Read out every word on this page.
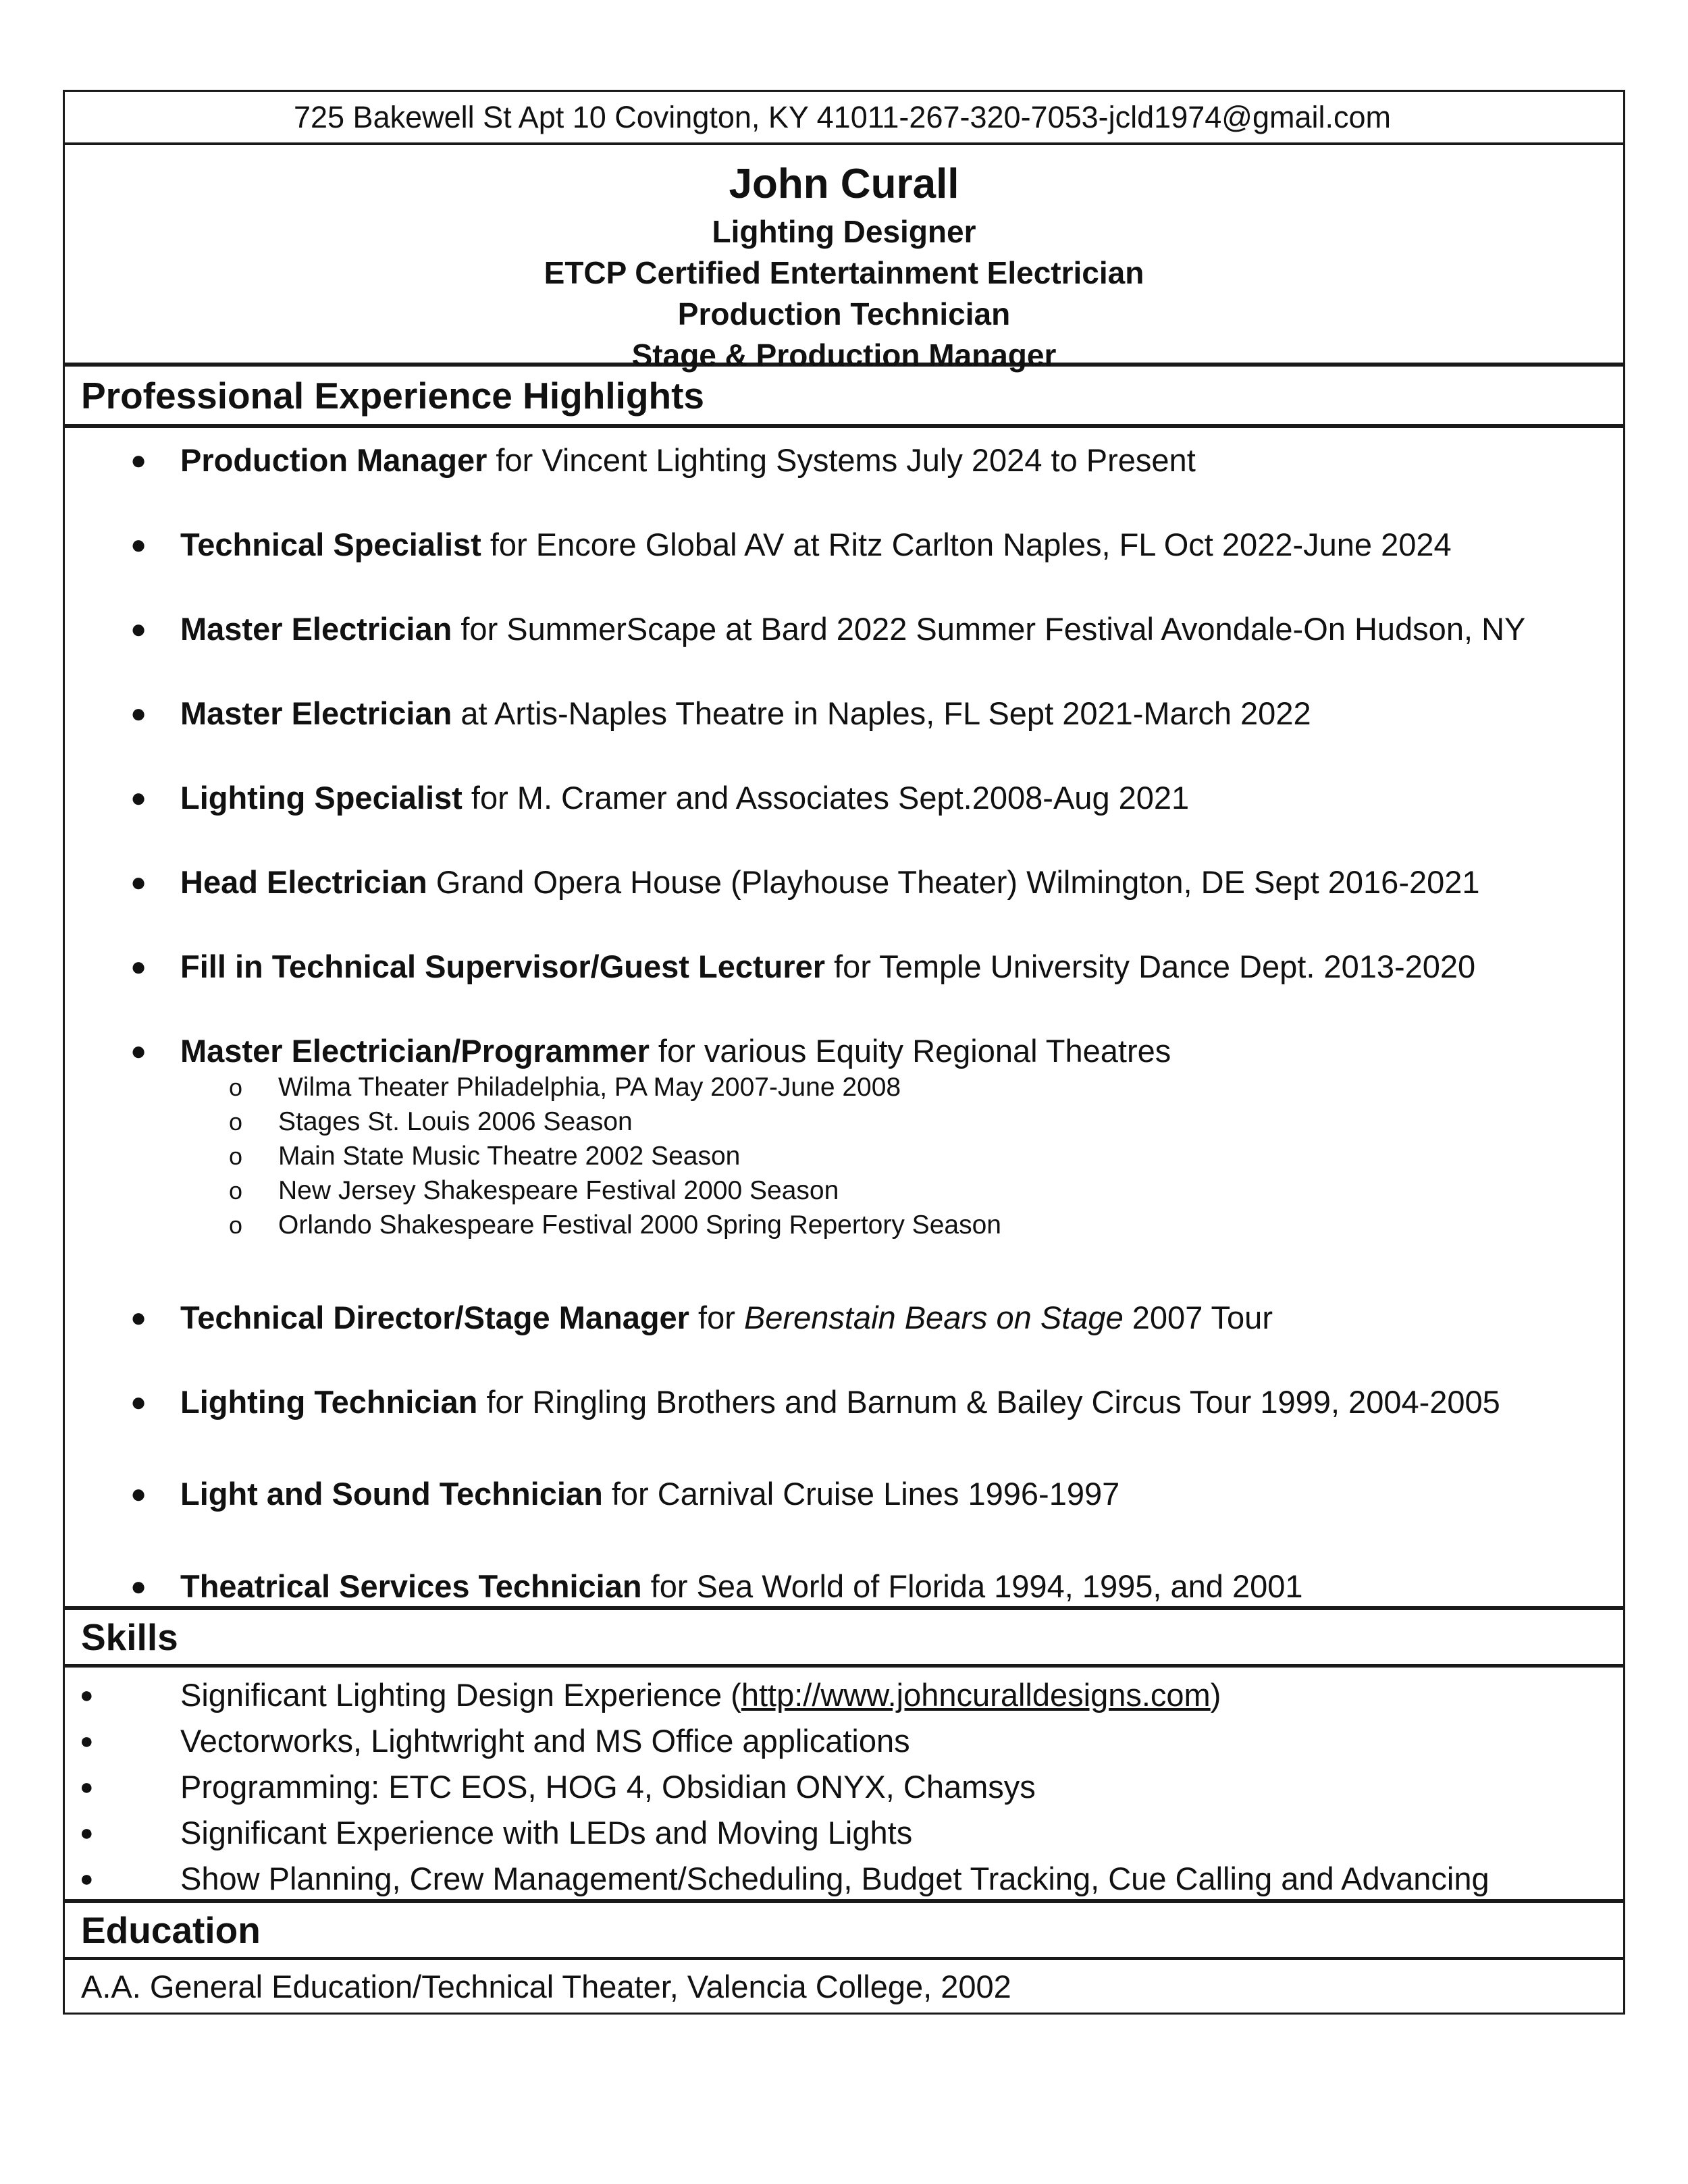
725 Bakewell St Apt 10 Covington, KY 41011-267-320-7053-jcld1974@gmail.com
John Curall
Lighting Designer
ETCP Certified Entertainment Electrician
Production Technician
Stage & Production Manager
Professional Experience Highlights
● Production Manager for Vincent Lighting Systems July 2024 to Present
● Technical Specialist for Encore Global AV at Ritz Carlton Naples, FL Oct 2022-June 2024
● Master Electrician for SummerScape at Bard 2022 Summer Festival Avondale-On Hudson, NY
● Master Electrician at Artis-Naples Theatre in Naples, FL Sept 2021-March 2022
● Lighting Specialist for M. Cramer and Associates Sept.2008-Aug 2021
● Head Electrician Grand Opera House (Playhouse Theater) Wilmington, DE Sept 2016-2021
● Fill in Technical Supervisor/Guest Lecturer for Temple University Dance Dept. 2013-2020
● Master Electrician/Programmer for various Equity Regional Theatres
o Wilma Theater Philadelphia, PA May 2007-June 2008
o Stages St. Louis 2006 Season
o Main State Music Theatre 2002 Season
o New Jersey Shakespeare Festival 2000 Season
o Orlando Shakespeare Festival 2000 Spring Repertory Season
● Technical Director/Stage Manager for Berenstain Bears on Stage 2007 Tour
● Lighting Technician for Ringling Brothers and Barnum & Bailey Circus Tour 1999, 2004-2005
● Light and Sound Technician for Carnival Cruise Lines 1996-1997
● Theatrical Services Technician for Sea World of Florida 1994, 1995, and 2001
Skills
●	Significant Lighting Design Experience (http://www.johncuralldesigns.com)
●	Vectorworks, Lightwright and MS Office applications
●	Programming: ETC EOS, HOG 4, Obsidian ONYX, Chamsys
●	Significant Experience with LEDs and Moving Lights
●	Show Planning, Crew Management/Scheduling, Budget Tracking, Cue Calling and Advancing
Education
A.A. General Education/Technical Theater, Valencia College, 2002
